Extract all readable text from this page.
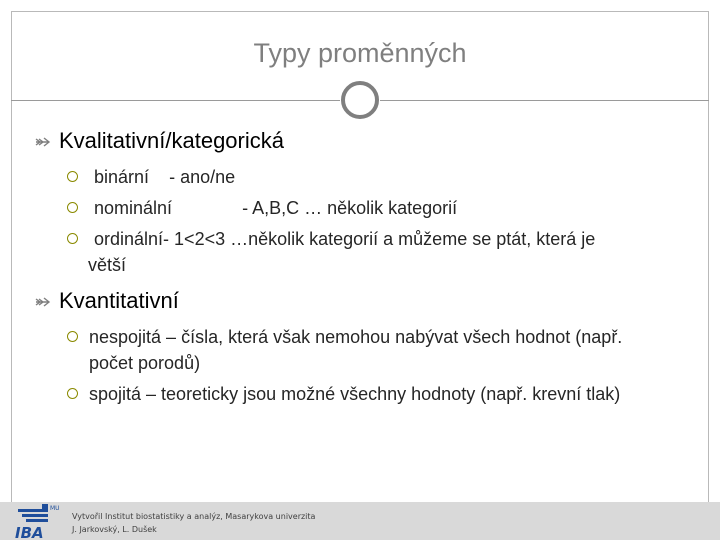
Typy proměnných
Kvalitativní/kategorická
binární - ano/ne
nominální	- A,B,C … několik kategorií
ordinální- 1<2<3 …několik kategorií a můžeme se ptát, která je
větší
Kvantitativní
nespojitá – čísla, která však nemohou nabývat všech hodnot (např.
počet porodů)
spojitá – teoreticky jsou možné všechny hodnoty (např. krevní tlak)
MU
IBA
Vytvořil Institut biostatistiky a analýz, Masarykova univerzita
J. Jarkovský, L. Dušek
